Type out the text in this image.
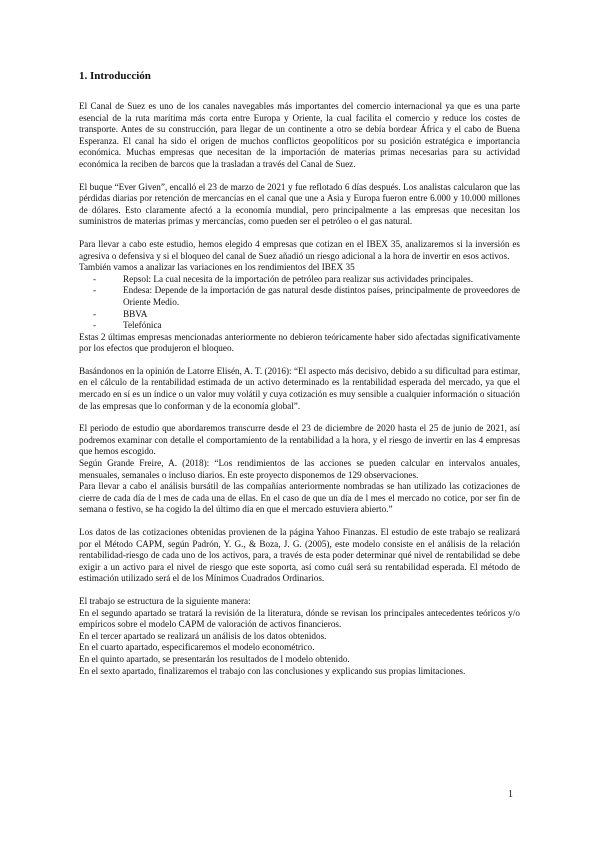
1. Introducción

El Canal de Suez es uno de los canales navegables más importantes del comercio internacional ya que es una parte esencial de la ruta marítima más corta entre Europa y Oriente, la cual facilita el comercio y reduce los costes de transporte. Antes de su construcción, para llegar de un continente a otro se debía bordear África y el cabo de Buena Esperanza. El canal ha sido el origen de muchos conflictos geopolíticos por su posición estratégica e importancia económica. Muchas empresas que necesitan de la importación de materias primas necesarias para su actividad económica la reciben de barcos que la trasladan a través del Canal de Suez.

El buque “Ever Given”, encalló el 23 de marzo de 2021 y fue reflotado 6 días después. Los analistas calcularon que las pérdidas diarias por retención de mercancías en el canal que une a Asia y Europa fueron entre 6.000 y 10.000 millones de dólares. Esto claramente afectó a la economía mundial, pero principalmente a las empresas que necesitan los suministros de materias primas y mercancías, como pueden ser el petróleo o el gas natural.

Para llevar a cabo este estudio, hemos elegido 4 empresas que cotizan en el IBEX 35, analizaremos si la inversión es agresiva o defensiva y si el bloqueo del canal de Suez añadió un riesgo adicional a la hora de invertir en esos activos.

También vamos a analizar las variaciones en los rendimientos del IBEX 35

- Repsol: La cual necesita de la importación de petróleo para realizar sus actividades principales.
- Endesa: Depende de la importación de gas natural desde distintos países, principalmente de proveedores de Oriente Medio.
- BBVA
- Telefónica

Estas 2 últimas empresas mencionadas anteriormente no debieron teóricamente haber sido afectadas significativamente por los efectos que produjeron el bloqueo.

Basándonos en la opinión de Latorre Elisén, A. T. (2016): “El aspecto más decisivo, debido a su dificultad para estimar, en el cálculo de la rentabilidad estimada de un activo determinado es la rentabilidad esperada del mercado, ya que el mercado en sí es un índice o un valor muy volátil y cuya cotización es muy sensible a cualquier información o situación de las empresas que lo conforman y de la economía global”.

El periodo de estudio que abordaremos transcurre desde el 23 de diciembre de 2020 hasta el 25 de junio de 2021, así podremos examinar con detalle el comportamiento de la rentabilidad a la hora, y el riesgo de invertir en las 4 empresas que hemos escogido.

Según Grande Freire, A. (2018): “Los rendimientos de las acciones se pueden calcular en intervalos anuales, mensuales, semanales o incluso diarios. En este proyecto disponemos de 129 observaciones.

Para llevar a cabo el análisis bursátil de las compañías anteriormente nombradas se han utilizado las cotizaciones de cierre de cada día de l mes de cada una de ellas. En el caso de que un día de l mes el mercado no cotice, por ser fin de semana o festivo, se ha cogido la del último día en que el mercado estuviera abierto.”

Los datos de las cotizaciones obtenidas provienen de la página Yahoo Finanzas. El estudio de este trabajo se realizará por el Método CAPM, según Padrón, Y. G., & Boza, J. G. (2005), este modelo consiste en el análisis de la relación rentabilidad-riesgo de cada uno de los activos, para, a través de esta poder determinar qué nivel de rentabilidad se debe exigir a un activo para el nivel de riesgo que este soporta, así como cuál será su rentabilidad esperada. El método de estimación utilizado será el de los Mínimos Cuadrados Ordinarios.

El trabajo se estructura de la siguiente manera:

En el segundo apartado se tratará la revisión de la literatura, dónde se revisan los principales antecedentes teóricos y/o empíricos sobre el modelo CAPM de valoración de activos financieros.

En el tercer apartado se realizará un análisis de los datos obtenidos.

En el cuarto apartado, especificaremos el modelo econométrico.

En el quinto apartado, se presentarán los resultados de l modelo obtenido.

En el sexto apartado, finalizaremos el trabajo con las conclusiones y explicando sus propias limitaciones.

1
